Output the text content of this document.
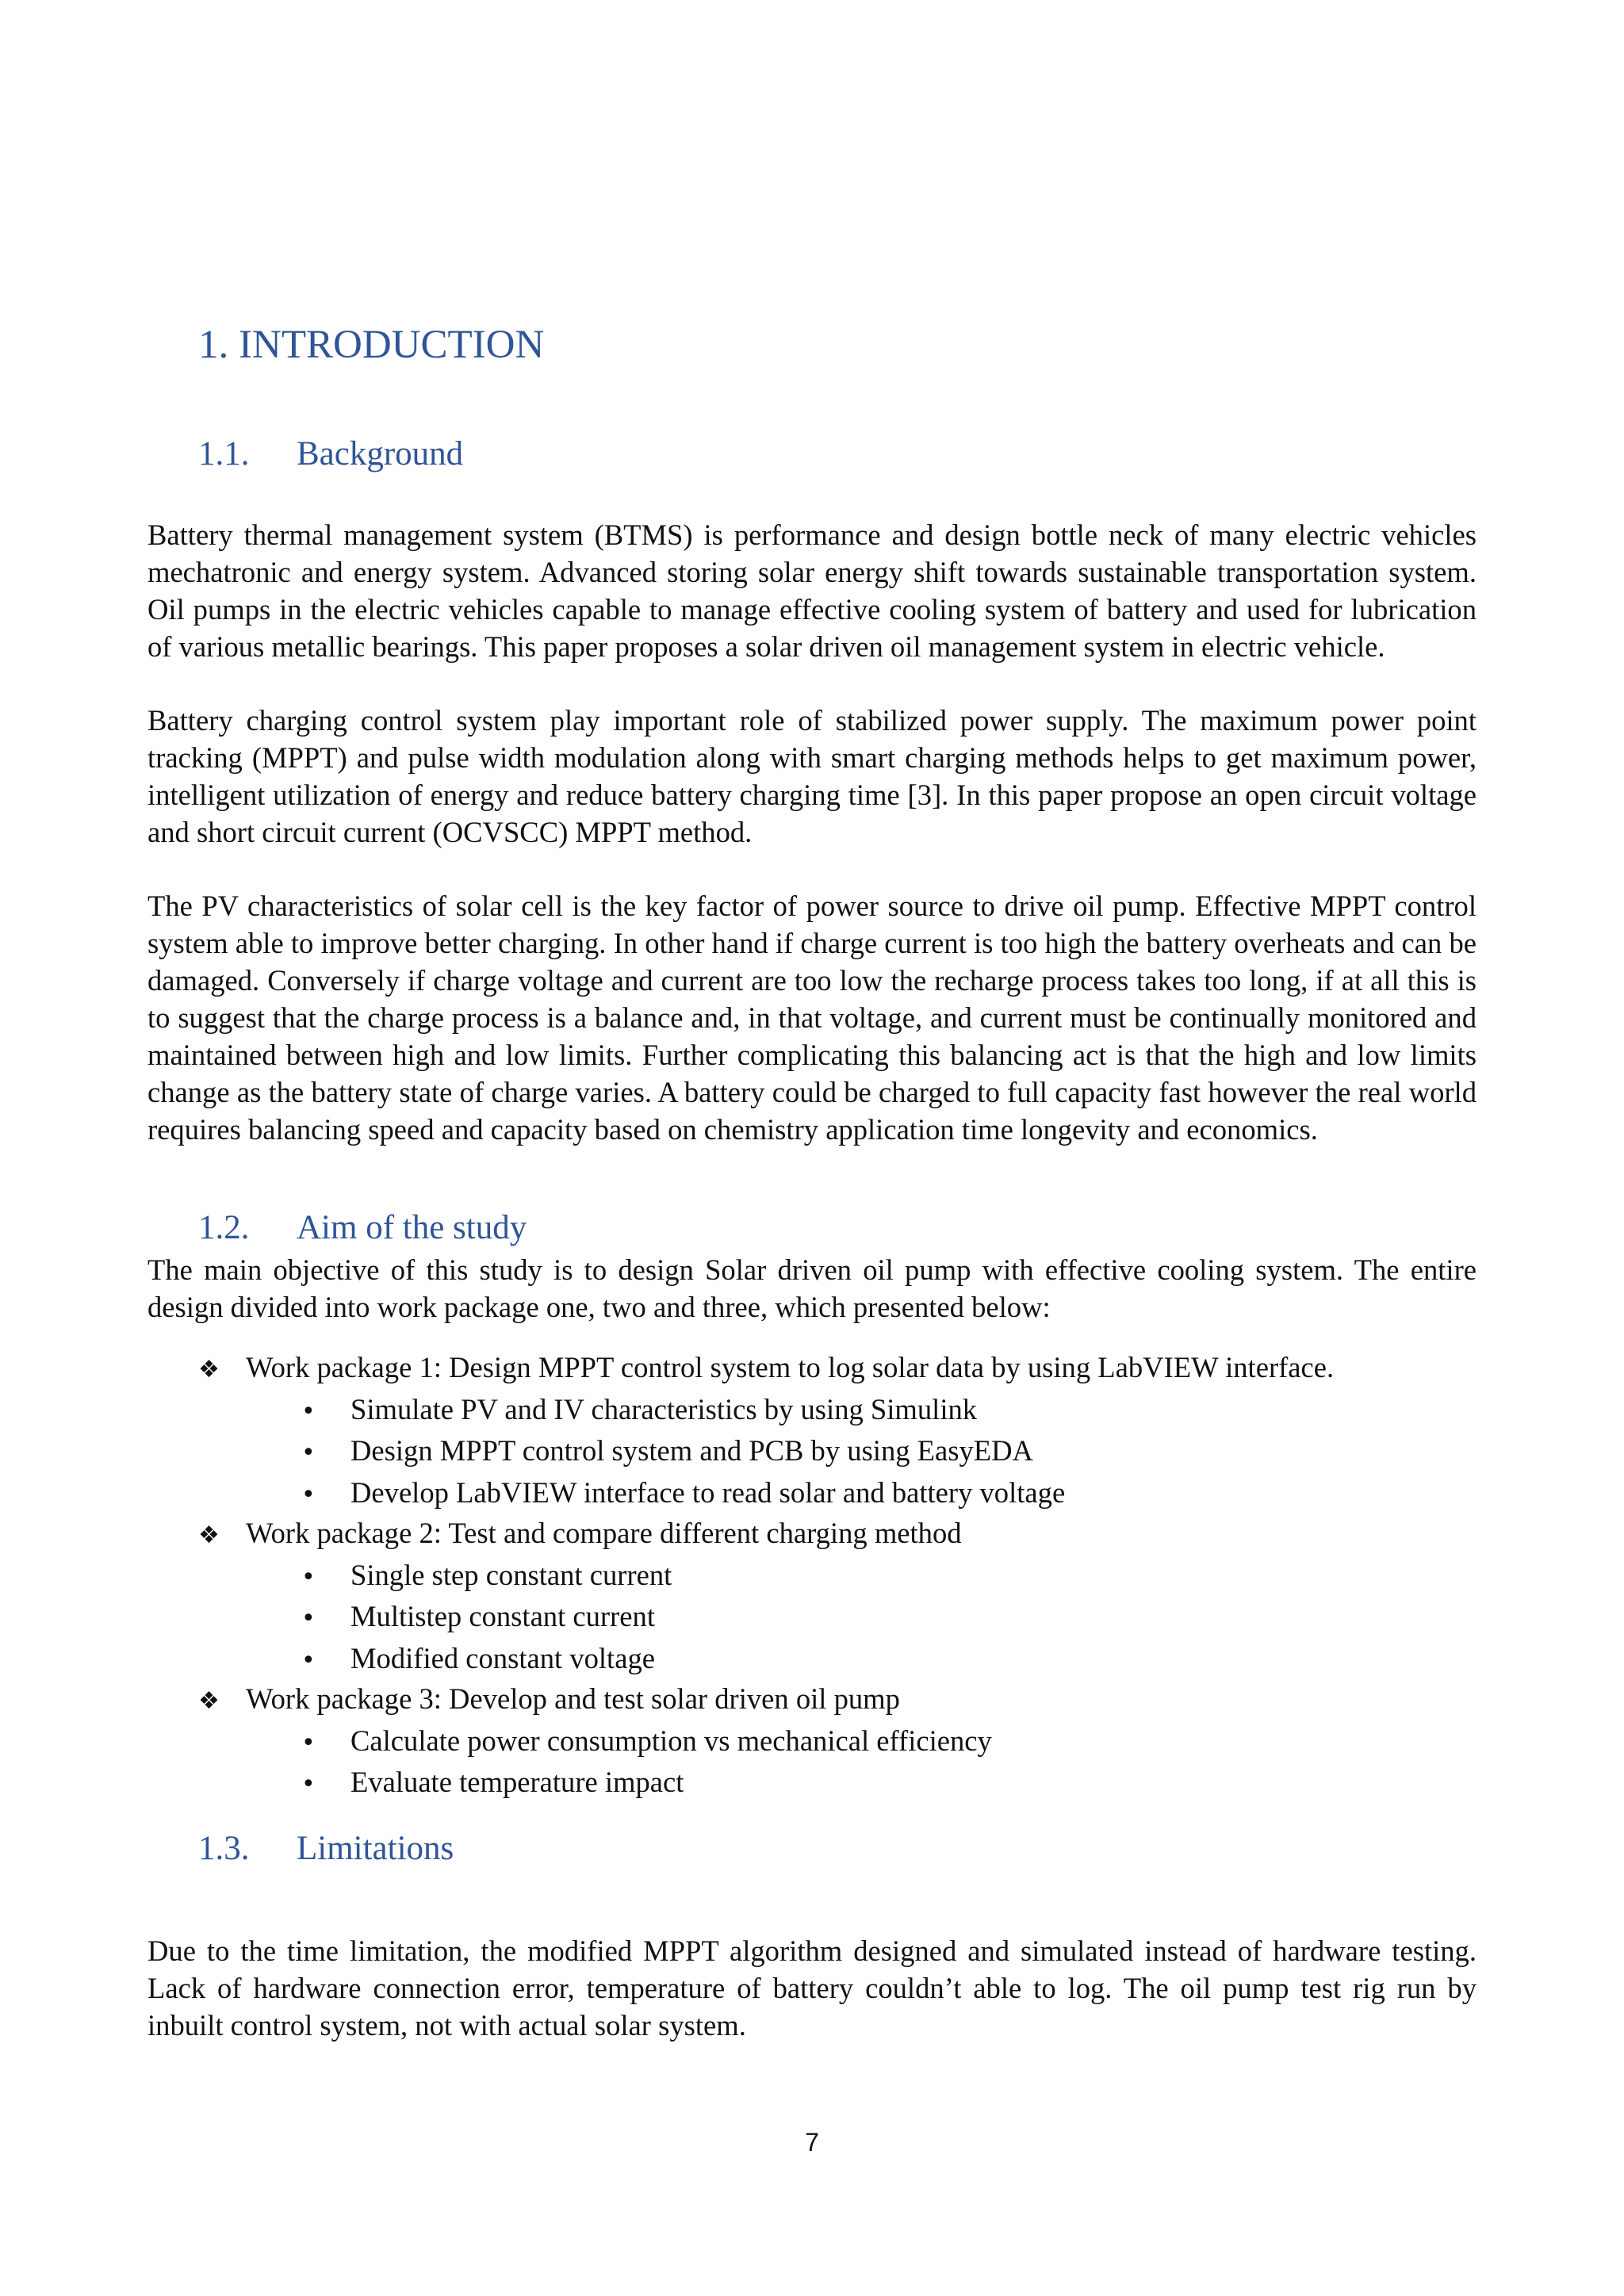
1. INTRODUCTION
1.1. Background

Battery thermal management system (BTMS) is performance and design bottle neck of many electric vehicles mechatronic and energy system. Advanced storing solar energy shift towards sustainable transportation system. Oil pumps in the electric vehicles capable to manage effective cooling system of battery and used for lubrication of various metallic bearings. This paper proposes a solar driven oil management system in electric vehicle.

Battery charging control system play important role of stabilized power supply. The maximum power point tracking (MPPT) and pulse width modulation along with smart charging methods helps to get maximum power, intelligent utilization of energy and reduce battery charging time [3]. In this paper propose an open circuit voltage and short circuit current (OCVSCC) MPPT method.

The PV characteristics of solar cell is the key factor of power source to drive oil pump. Effective MPPT control system able to improve better charging. In other hand if charge current is too high the battery overheats and can be damaged. Conversely if charge voltage and current are too low the recharge process takes too long, if at all this is to suggest that the charge process is a balance and, in that voltage, and current must be continually monitored and maintained between high and low limits. Further complicating this balancing act is that the high and low limits change as the battery state of charge varies. A battery could be charged to full capacity fast however the real world requires balancing speed and capacity based on chemistry application time longevity and economics.

1.2. Aim of the study

The main objective of this study is to design Solar driven oil pump with effective cooling system. The entire design divided into work package one, two and three, which presented below:

❖ Work package 1: Design MPPT control system to log solar data by using LabVIEW interface.
• Simulate PV and IV characteristics by using Simulink
• Design MPPT control system and PCB by using EasyEDA
• Develop LabVIEW interface to read solar and battery voltage
❖ Work package 2: Test and compare different charging method
• Single step constant current
• Multistep constant current
• Modified constant voltage
❖ Work package 3: Develop and test solar driven oil pump
• Calculate power consumption vs mechanical efficiency
• Evaluate temperature impact
1.3. Limitations

Due to the time limitation, the modified MPPT algorithm designed and simulated instead of hardware testing. Lack of hardware connection error, temperature of battery couldn’t able to log. The oil pump test rig run by inbuilt control system, not with actual solar system.

7
